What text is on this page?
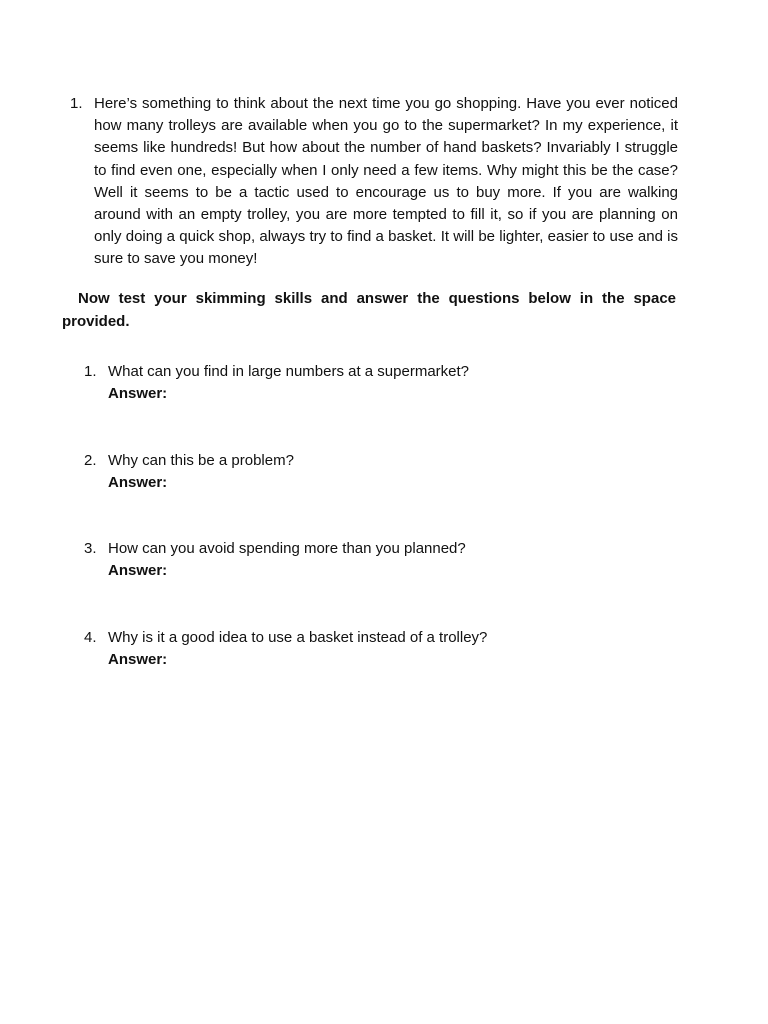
1. Here’s something to think about the next time you go shopping. Have you ever noticed how many trolleys are available when you go to the supermarket? In my experience, it seems like hundreds! But how about the number of hand baskets? Invariably I struggle to find even one, especially when I only need a few items. Why might this be the case? Well it seems to be a tactic used to encourage us to buy more. If you are walking around with an empty trolley, you are more tempted to fill it, so if you are planning on only doing a quick shop, always try to find a basket. It will be lighter, easier to use and is sure to save you money!
Now test your skimming skills and answer the questions below in the space provided.
1. What can you find in large numbers at a supermarket?
Answer:
2. Why can this be a problem?
Answer:
3. How can you avoid spending more than you planned?
Answer:
4. Why is it a good idea to use a basket instead of a trolley?
Answer:
